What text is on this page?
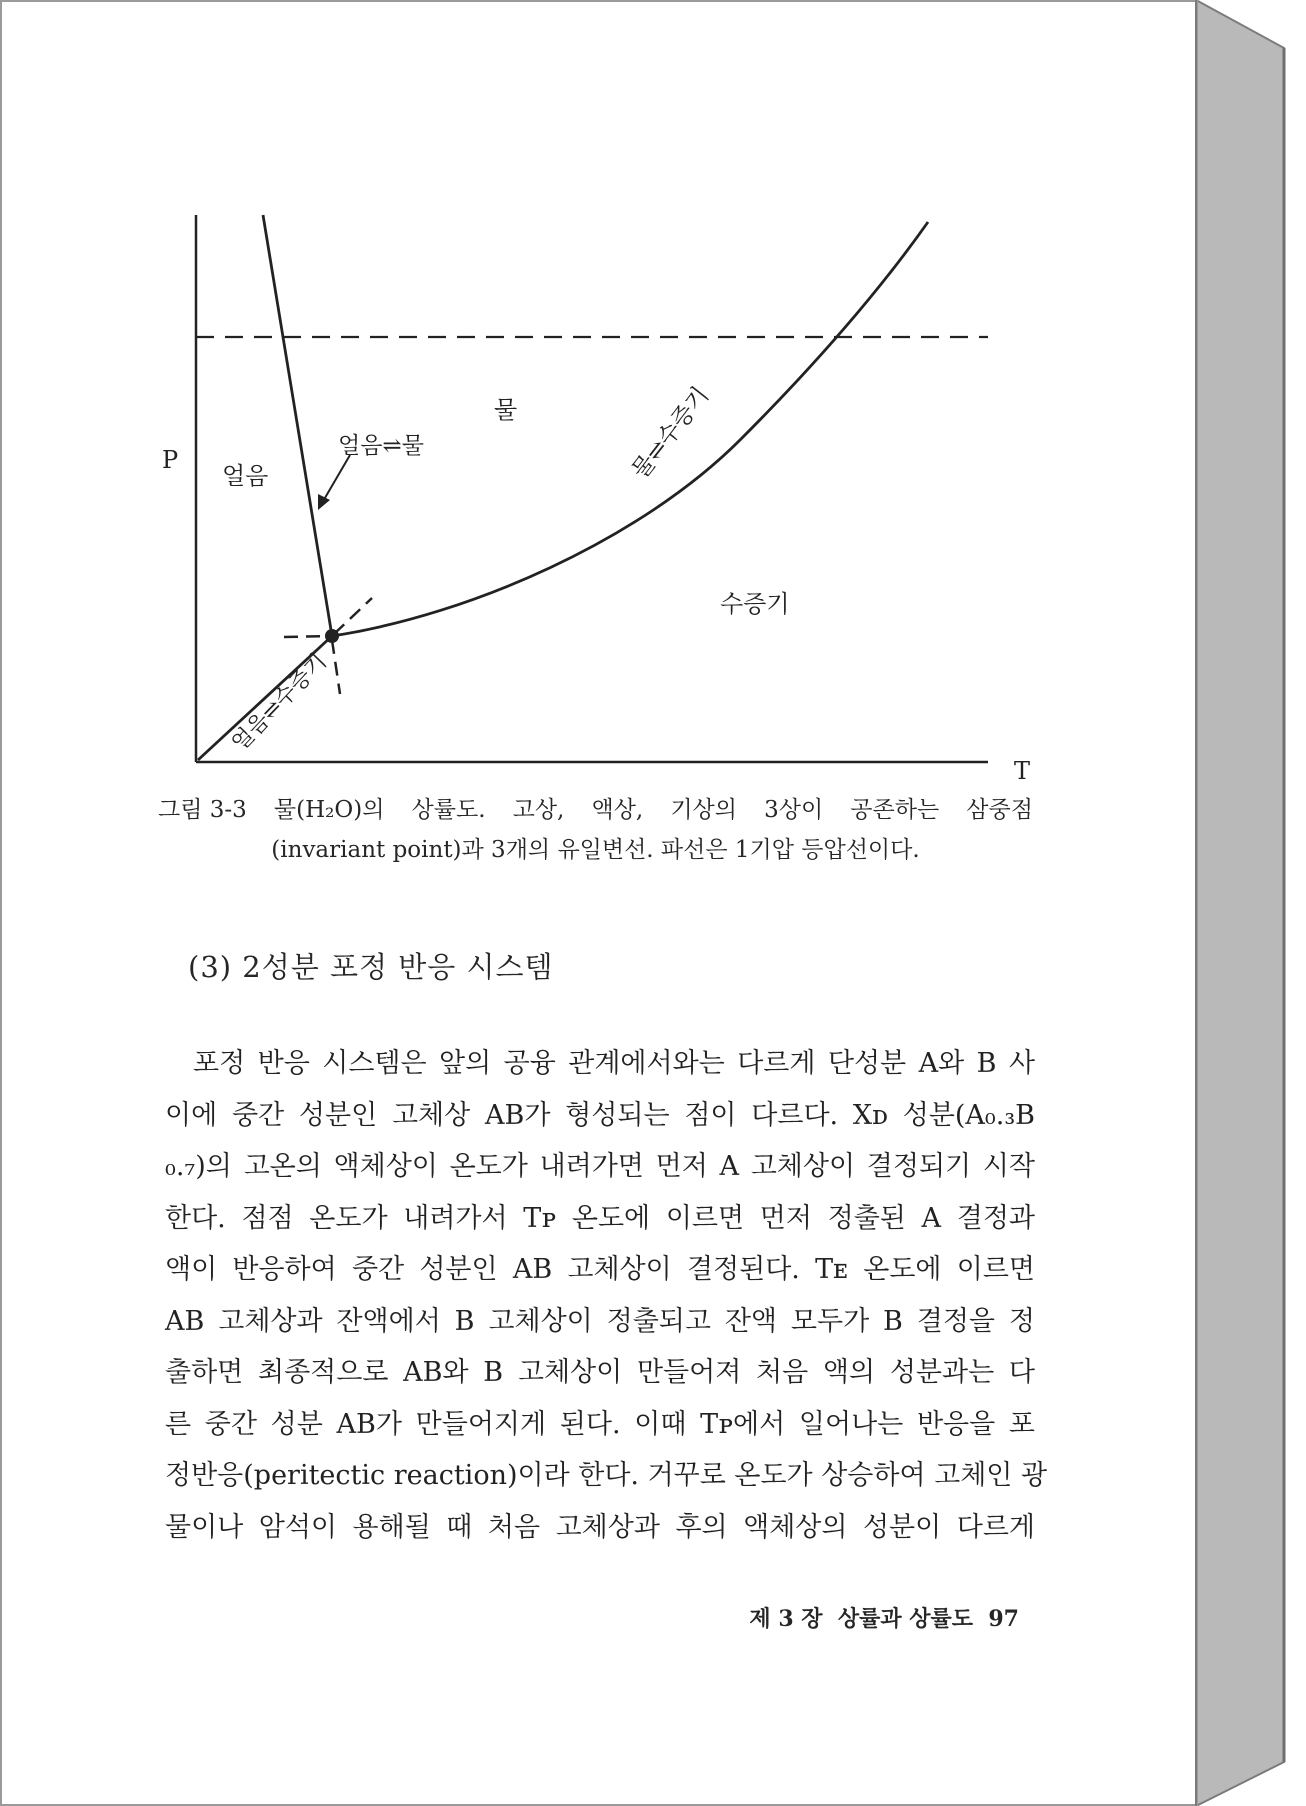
P
T
얼음
물
수증기
얼음⇌물	물⇌수증기
얼음⇌수증기
그림 3-3 물(H₂O)의 상률도. 고상, 액상, 기상의 3상이 공존하는 삼중점
(invariant point)과 3개의 유일변선. 파선은 1기압 등압선이다.
(3) 2성분 포정 반응 시스템
포정 반응 시스템은 앞의 공융 관계에서와는 다르게 단성분 A와 B 사
이에 중간 성분인 고체상 AB가 형성되는 점이 다르다. Xᴅ 성분(A₀.₃B
₀.₇)의 고온의 액체상이 온도가 내려가면 먼저 A 고체상이 결정되기 시작
한다. 점점 온도가 내려가서 Tᴘ 온도에 이르면 먼저 정출된 A 결정과
액이 반응하여 중간 성분인 AB 고체상이 결정된다. Tᴇ 온도에 이르면
AB 고체상과 잔액에서 B 고체상이 정출되고 잔액 모두가 B 결정을 정
출하면 최종적으로 AB와 B 고체상이 만들어져 처음 액의 성분과는 다
른 중간 성분 AB가 만들어지게 된다. 이때 Tᴘ에서 일어나는 반응을 포
정반응(peritectic reaction)이라 한다. 거꾸로 온도가 상승하여 고체인 광
물이나 암석이 용해될 때 처음 고체상과 후의 액체상의 성분이 다르게
제 3 장 상률과 상률도 97
